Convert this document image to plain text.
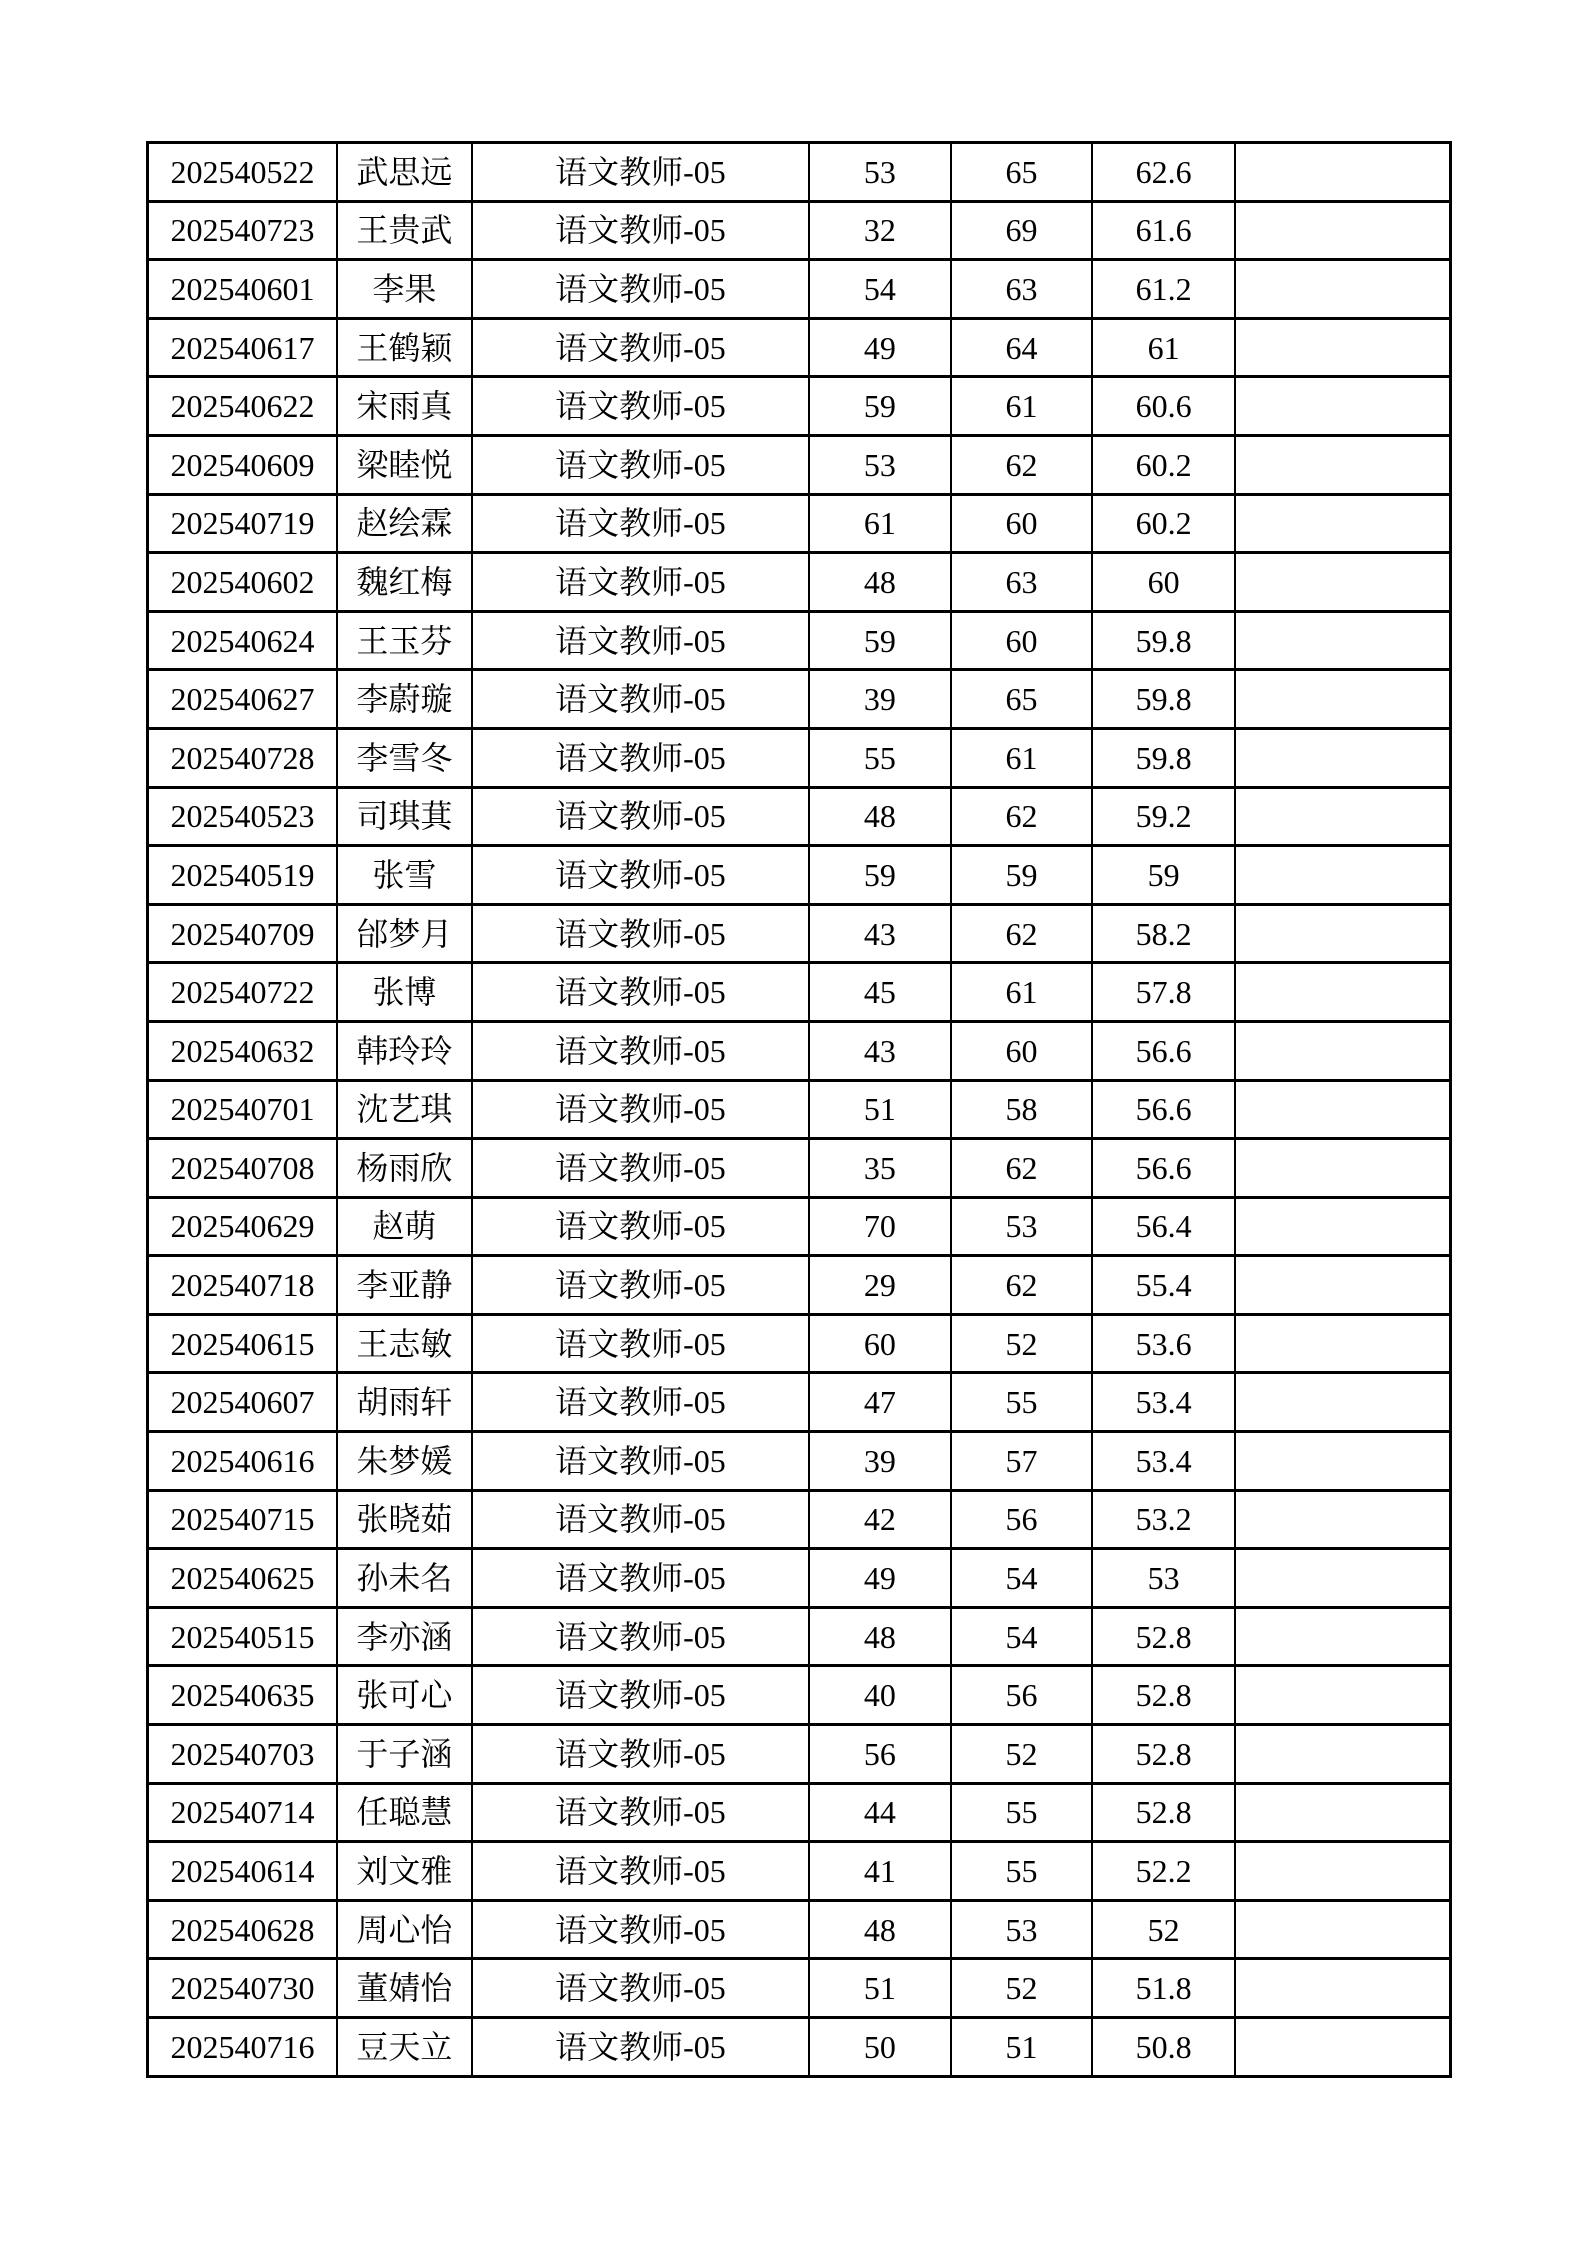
202540522	武思远	语文教师-05	53	65	62.6	
202540723	王贵武	语文教师-05	32	69	61.6	
202540601	李果	语文教师-05	54	63	61.2	
202540617	王鹤颖	语文教师-05	49	64	61	
202540622	宋雨真	语文教师-05	59	61	60.6	
202540609	梁睦悦	语文教师-05	53	62	60.2	
202540719	赵绘霖	语文教师-05	61	60	60.2	
202540602	魏红梅	语文教师-05	48	63	60	
202540624	王玉芬	语文教师-05	59	60	59.8	
202540627	李蔚璇	语文教师-05	39	65	59.8	
202540728	李雪冬	语文教师-05	55	61	59.8	
202540523	司琪萁	语文教师-05	48	62	59.2	
202540519	张雪	语文教师-05	59	59	59	
202540709	邰梦月	语文教师-05	43	62	58.2	
202540722	张博	语文教师-05	45	61	57.8	
202540632	韩玲玲	语文教师-05	43	60	56.6	
202540701	沈艺琪	语文教师-05	51	58	56.6	
202540708	杨雨欣	语文教师-05	35	62	56.6	
202540629	赵萌	语文教师-05	70	53	56.4	
202540718	李亚静	语文教师-05	29	62	55.4	
202540615	王志敏	语文教师-05	60	52	53.6	
202540607	胡雨轩	语文教师-05	47	55	53.4	
202540616	朱梦媛	语文教师-05	39	57	53.4	
202540715	张晓茹	语文教师-05	42	56	53.2	
202540625	孙未名	语文教师-05	49	54	53	
202540515	李亦涵	语文教师-05	48	54	52.8	
202540635	张可心	语文教师-05	40	56	52.8	
202540703	于子涵	语文教师-05	56	52	52.8	
202540714	任聪慧	语文教师-05	44	55	52.8	
202540614	刘文雅	语文教师-05	41	55	52.2	
202540628	周心怡	语文教师-05	48	53	52	
202540730	董婧怡	语文教师-05	51	52	51.8	
202540716	豆天立	语文教师-05	50	51	50.8	
